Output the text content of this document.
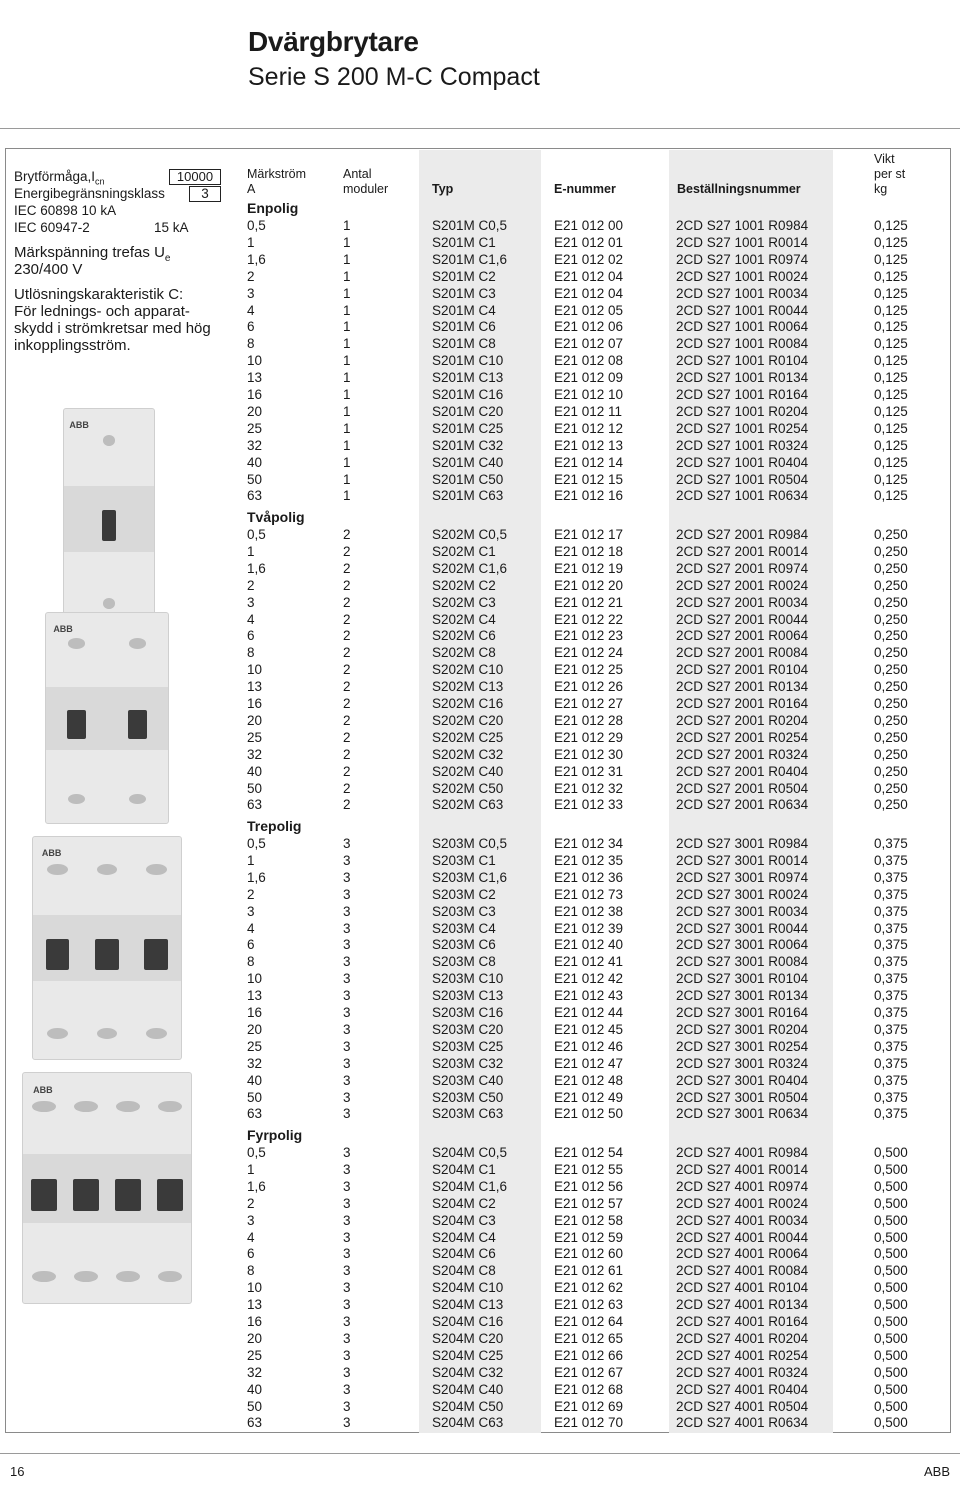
Dvärgbrytare
Serie S 200 M-C Compact
$Brytförmåga,I_{cn}$	10000
Energibegränsningsklass	3
IEC 60898 10 kA
IEC 60947-2	15 kA
Märkspänning trefas $U_e$
230/400 V
Utlösningskarakteristik C:
För lednings- och apparat-
skydd i strömkretsar med hög
inkopplingsström.
ABB
ABB
ABB
ABB
Märkström
A
Antal
moduler	Typ	E-nummer	Beställningsnummer
Vikt
per st
kg
Enpolig
0,5	1	S201M C0,5	E21 012 00	2CD S27 1001 R0984	0,125
1	1	S201M C1	E21 012 01	2CD S27 1001 R0014	0,125
1,6	1	S201M C1,6	E21 012 02	2CD S27 1001 R0974	0,125
2	1	S201M C2	E21 012 04	2CD S27 1001 R0024	0,125
3	1	S201M C3	E21 012 04	2CD S27 1001 R0034	0,125
4	1	S201M C4	E21 012 05	2CD S27 1001 R0044	0,125
6	1	S201M C6	E21 012 06	2CD S27 1001 R0064	0,125
8	1	S201M C8	E21 012 07	2CD S27 1001 R0084	0,125
10	1	S201M C10	E21 012 08	2CD S27 1001 R0104	0,125
13	1	S201M C13	E21 012 09	2CD S27 1001 R0134	0,125
16	1	S201M C16	E21 012 10	2CD S27 1001 R0164	0,125
20	1	S201M C20	E21 012 11	2CD S27 1001 R0204	0,125
25	1	S201M C25	E21 012 12	2CD S27 1001 R0254	0,125
32	1	S201M C32	E21 012 13	2CD S27 1001 R0324	0,125
40	1	S201M C40	E21 012 14	2CD S27 1001 R0404	0,125
50	1	S201M C50	E21 012 15	2CD S27 1001 R0504	0,125
63	1	S201M C63	E21 012 16	2CD S27 1001 R0634	0,125
Tvåpolig
0,5	2	S202M C0,5	E21 012 17	2CD S27 2001 R0984	0,250
1	2	S202M C1	E21 012 18	2CD S27 2001 R0014	0,250
1,6	2	S202M C1,6	E21 012 19	2CD S27 2001 R0974	0,250
2	2	S202M C2	E21 012 20	2CD S27 2001 R0024	0,250
3	2	S202M C3	E21 012 21	2CD S27 2001 R0034	0,250
4	2	S202M C4	E21 012 22	2CD S27 2001 R0044	0,250
6	2	S202M C6	E21 012 23	2CD S27 2001 R0064	0,250
8	2	S202M C8	E21 012 24	2CD S27 2001 R0084	0,250
10	2	S202M C10	E21 012 25	2CD S27 2001 R0104	0,250
13	2	S202M C13	E21 012 26	2CD S27 2001 R0134	0,250
16	2	S202M C16	E21 012 27	2CD S27 2001 R0164	0,250
20	2	S202M C20	E21 012 28	2CD S27 2001 R0204	0,250
25	2	S202M C25	E21 012 29	2CD S27 2001 R0254	0,250
32	2	S202M C32	E21 012 30	2CD S27 2001 R0324	0,250
40	2	S202M C40	E21 012 31	2CD S27 2001 R0404	0,250
50	2	S202M C50	E21 012 32	2CD S27 2001 R0504	0,250
63	2	S202M C63	E21 012 33	2CD S27 2001 R0634	0,250
Trepolig
0,5	3	S203M C0,5	E21 012 34	2CD S27 3001 R0984	0,375
1	3	S203M C1	E21 012 35	2CD S27 3001 R0014	0,375
1,6	3	S203M C1,6	E21 012 36	2CD S27 3001 R0974	0,375
2	3	S203M C2	E21 012 73	2CD S27 3001 R0024	0,375
3	3	S203M C3	E21 012 38	2CD S27 3001 R0034	0,375
4	3	S203M C4	E21 012 39	2CD S27 3001 R0044	0,375
6	3	S203M C6	E21 012 40	2CD S27 3001 R0064	0,375
8	3	S203M C8	E21 012 41	2CD S27 3001 R0084	0,375
10	3	S203M C10	E21 012 42	2CD S27 3001 R0104	0,375
13	3	S203M C13	E21 012 43	2CD S27 3001 R0134	0,375
16	3	S203M C16	E21 012 44	2CD S27 3001 R0164	0,375
20	3	S203M C20	E21 012 45	2CD S27 3001 R0204	0,375
25	3	S203M C25	E21 012 46	2CD S27 3001 R0254	0,375
32	3	S203M C32	E21 012 47	2CD S27 3001 R0324	0,375
40	3	S203M C40	E21 012 48	2CD S27 3001 R0404	0,375
50	3	S203M C50	E21 012 49	2CD S27 3001 R0504	0,375
63	3	S203M C63	E21 012 50	2CD S27 3001 R0634	0,375
Fyrpolig
0,5	3	S204M C0,5	E21 012 54	2CD S27 4001 R0984	0,500
1	3	S204M C1	E21 012 55	2CD S27 4001 R0014	0,500
1,6	3	S204M C1,6	E21 012 56	2CD S27 4001 R0974	0,500
2	3	S204M C2	E21 012 57	2CD S27 4001 R0024	0,500
3	3	S204M C3	E21 012 58	2CD S27 4001 R0034	0,500
4	3	S204M C4	E21 012 59	2CD S27 4001 R0044	0,500
6	3	S204M C6	E21 012 60	2CD S27 4001 R0064	0,500
8	3	S204M C8	E21 012 61	2CD S27 4001 R0084	0,500
10	3	S204M C10	E21 012 62	2CD S27 4001 R0104	0,500
13	3	S204M C13	E21 012 63	2CD S27 4001 R0134	0,500
16	3	S204M C16	E21 012 64	2CD S27 4001 R0164	0,500
20	3	S204M C20	E21 012 65	2CD S27 4001 R0204	0,500
25	3	S204M C25	E21 012 66	2CD S27 4001 R0254	0,500
32	3	S204M C32	E21 012 67	2CD S27 4001 R0324	0,500
40	3	S204M C40	E21 012 68	2CD S27 4001 R0404	0,500
50	3	S204M C50	E21 012 69	2CD S27 4001 R0504	0,500
63	3	S204M C63	E21 012 70	2CD S27 4001 R0634	0,500
16	ABB
